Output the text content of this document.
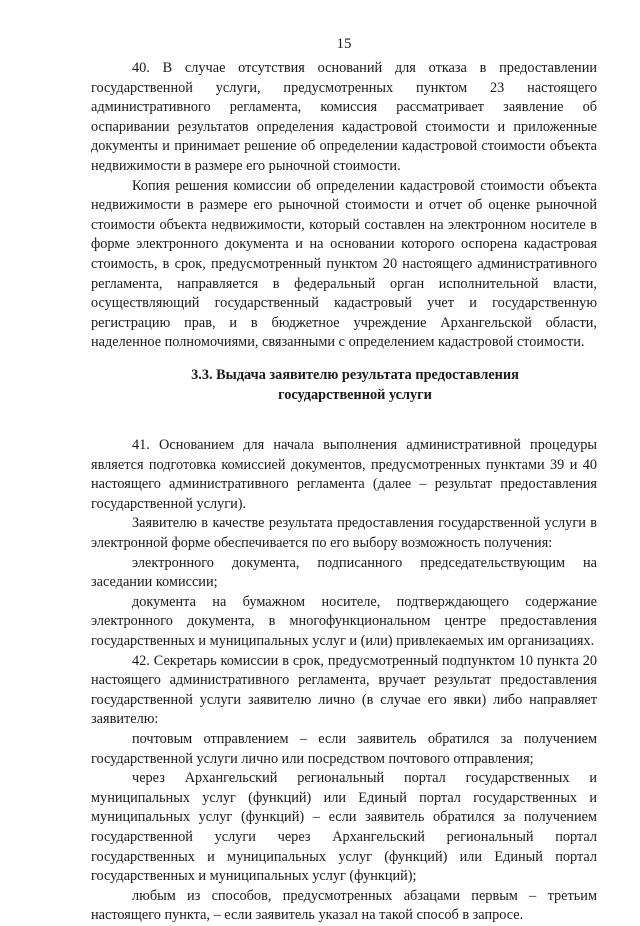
15

40. В случае отсутствия оснований для отказа в предоставлении государственной услуги, предусмотренных пунктом 23 настоящего административного регламента, комиссия рассматривает заявление об оспаривании результатов определения кадастровой стоимости и приложенные документы и принимает решение об определении кадастровой стоимости объекта недвижимости в размере его рыночной стоимости.

Копия решения комиссии об определении кадастровой стоимости объекта недвижимости в размере его рыночной стоимости и отчет об оценке рыночной стоимости объекта недвижимости, который составлен на электронном носителе в форме электронного документа и на основании которого оспорена кадастровая стоимость, в срок, предусмотренный пунктом 20 настоящего административного регламента, направляется в федеральный орган исполнительной власти, осуществляющий государственный кадастровый учет и государственную регистрацию прав, и в бюджетное учреждение Архангельской области, наделенное полномочиями, связанными с определением кадастровой стоимости.

3.3. Выдача заявителю результата предоставления
государственной услуги

41. Основанием для начала выполнения административной процедуры является подготовка комиссией документов, предусмотренных пунктами 39 и 40 настоящего административного регламента (далее – результат предоставления государственной услуги).

Заявителю в качестве результата предоставления государственной услуги в электронной форме обеспечивается по его выбору возможность получения:

электронного документа, подписанного председательствующим на заседании комиссии;

документа на бумажном носителе, подтверждающего содержание электронного документа, в многофункциональном центре предоставления государственных и муниципальных услуг и (или) привлекаемых им организациях.

42. Секретарь комиссии в срок, предусмотренный подпунктом 10 пункта 20 настоящего административного регламента, вручает результат предоставления государственной услуги заявителю лично (в случае его явки) либо направляет заявителю:

почтовым отправлением – если заявитель обратился за получением государственной услуги лично или посредством почтового отправления;

через Архангельский региональный портал государственных и муниципальных услуг (функций) или Единый портал государственных и муниципальных услуг (функций) – если заявитель обратился за получением государственной услуги через Архангельский региональный портал государственных и муниципальных услуг (функций) или Единый портал государственных и муниципальных услуг (функций);

любым из способов, предусмотренных абзацами первым – третьим настоящего пункта, – если заявитель указал на такой способ в запросе.
